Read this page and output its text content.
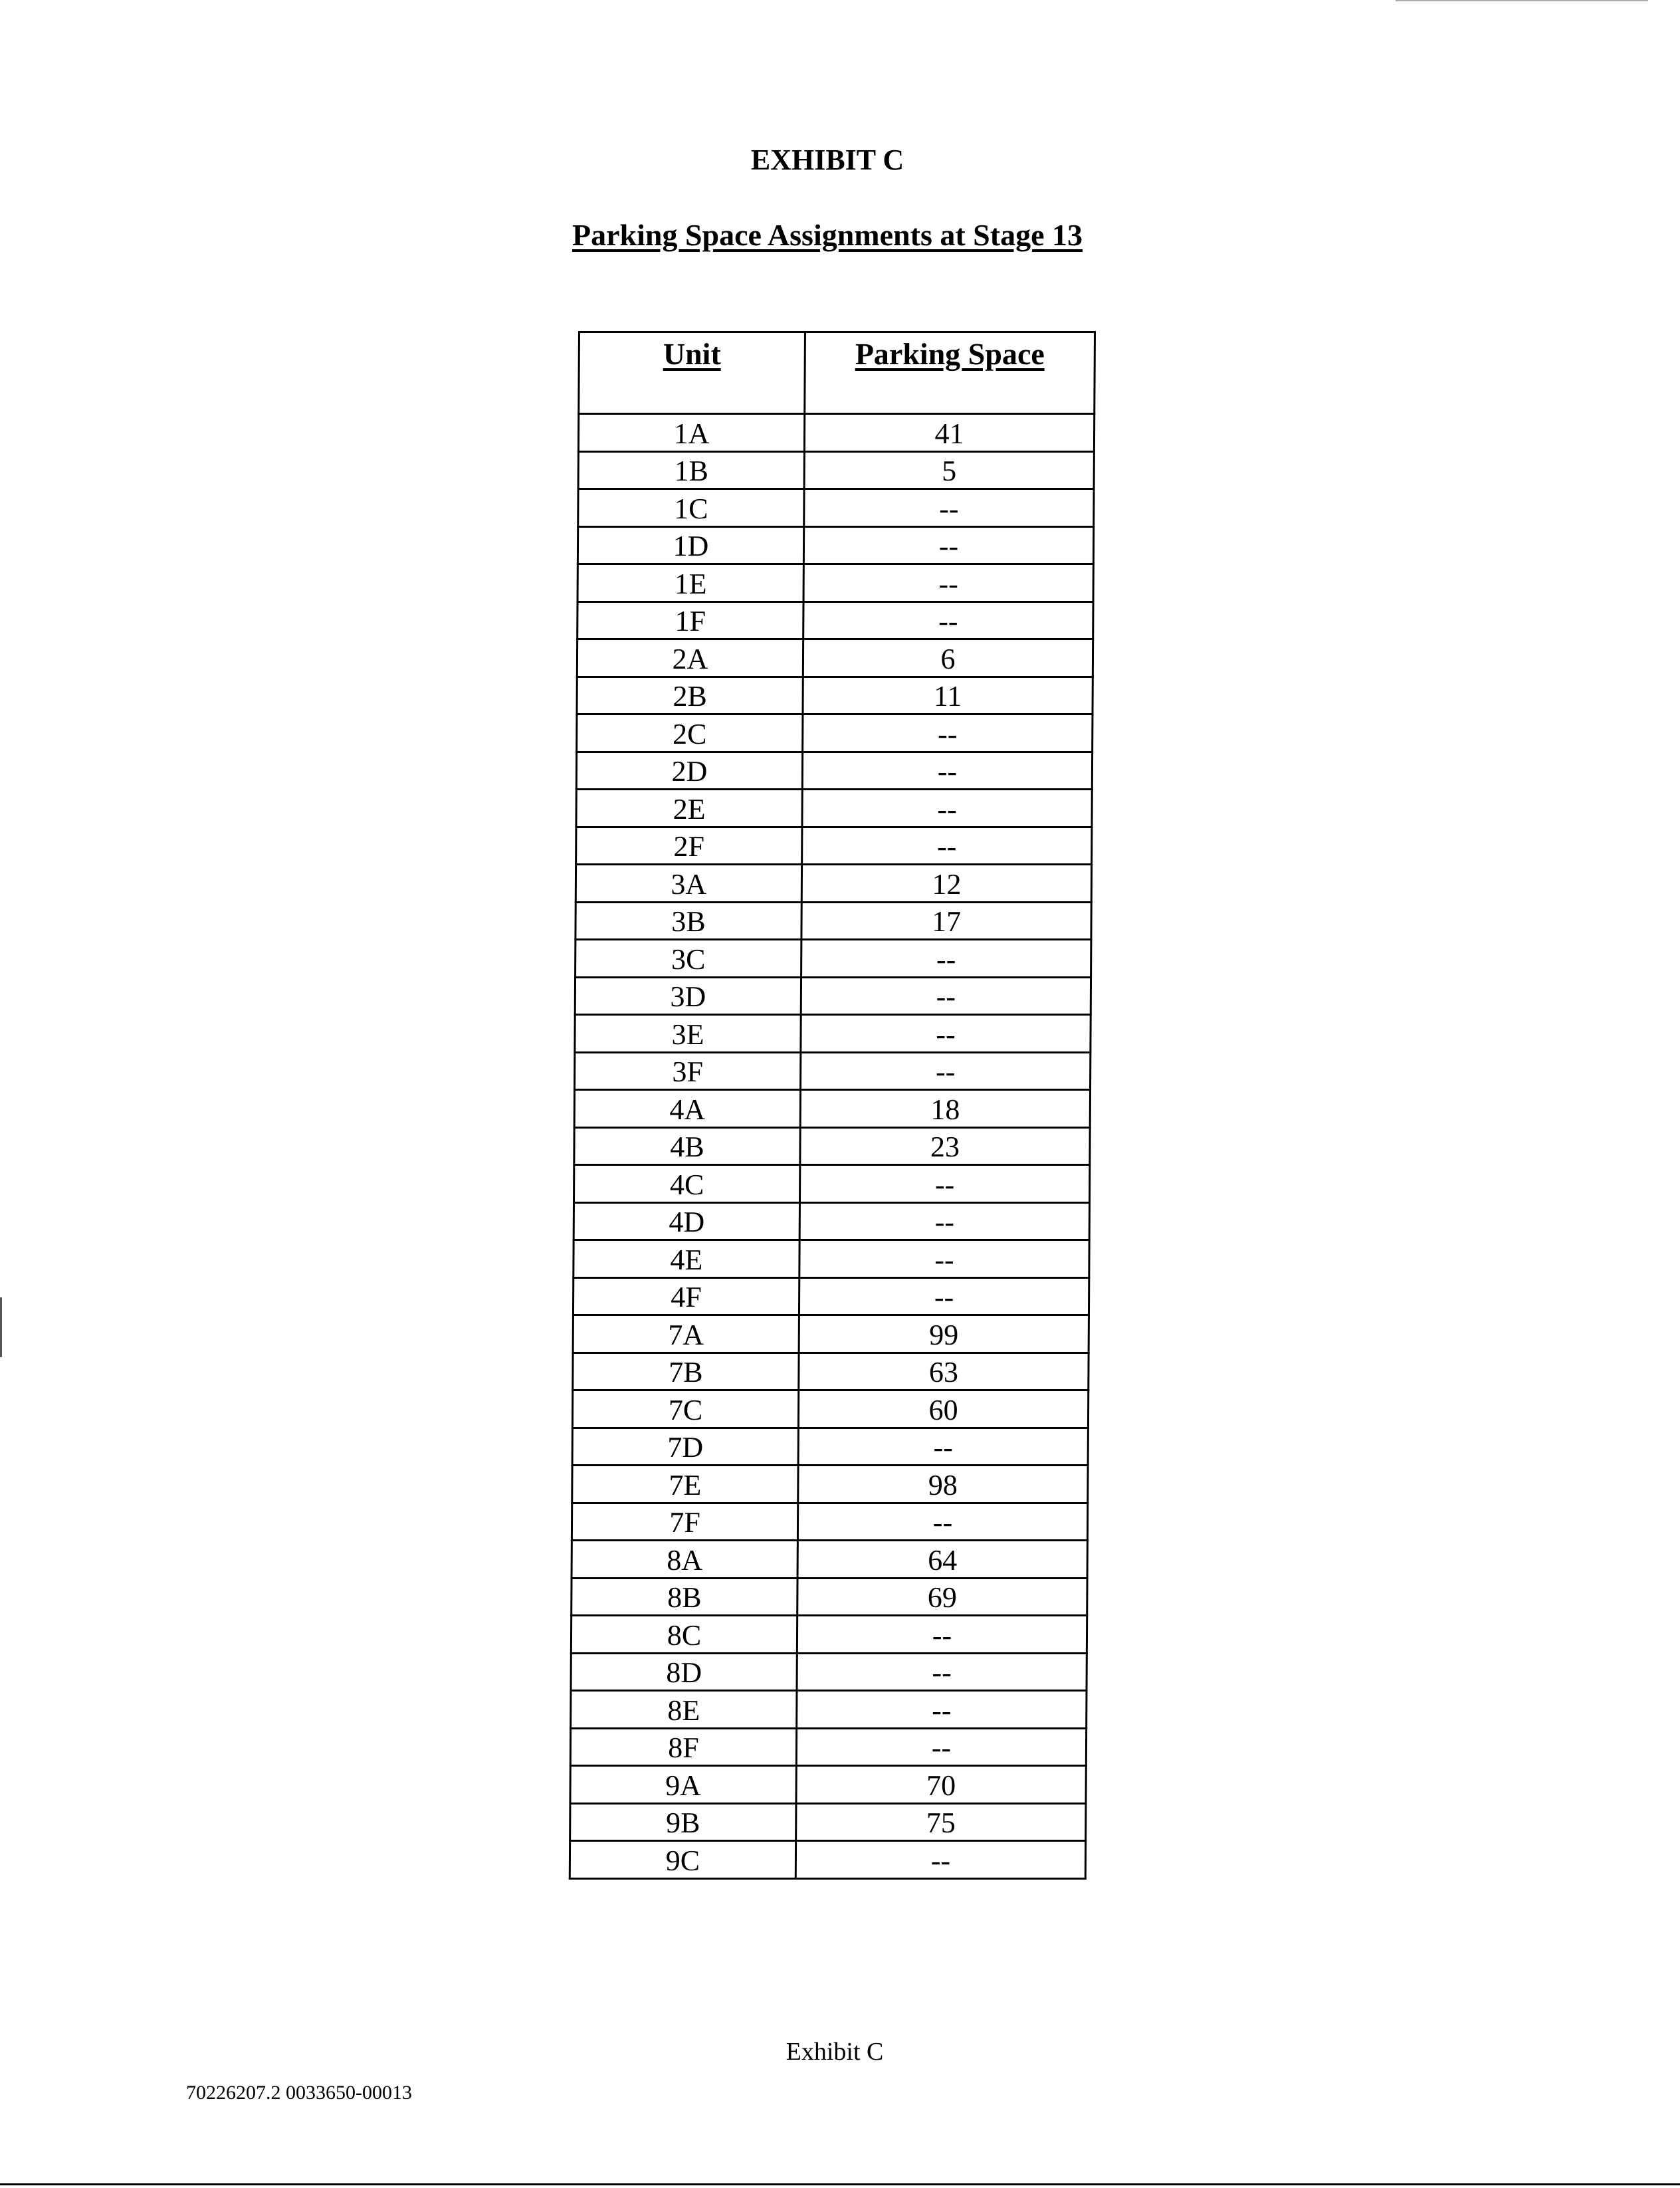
EXHIBIT C
Parking Space Assignments at Stage 13
Unit	Parking Space
1A	41
1B	5
1C	--
1D	--
1E	--
1F	--
2A	6
2B	11
2C	--
2D	--
2E	--
2F	--
3A	12
3B	17
3C	--
3D	--
3E	--
3F	--
4A	18
4B	23
4C	--
4D	--
4E	--
4F	--
7A	99
7B	63
7C	60
7D	--
7E	98
7F	--
8A	64
8B	69
8C	--
8D	--
8E	--
8F	--
9A	70
9B	75
9C	--
Exhibit C
70226207.2 0033650-00013
